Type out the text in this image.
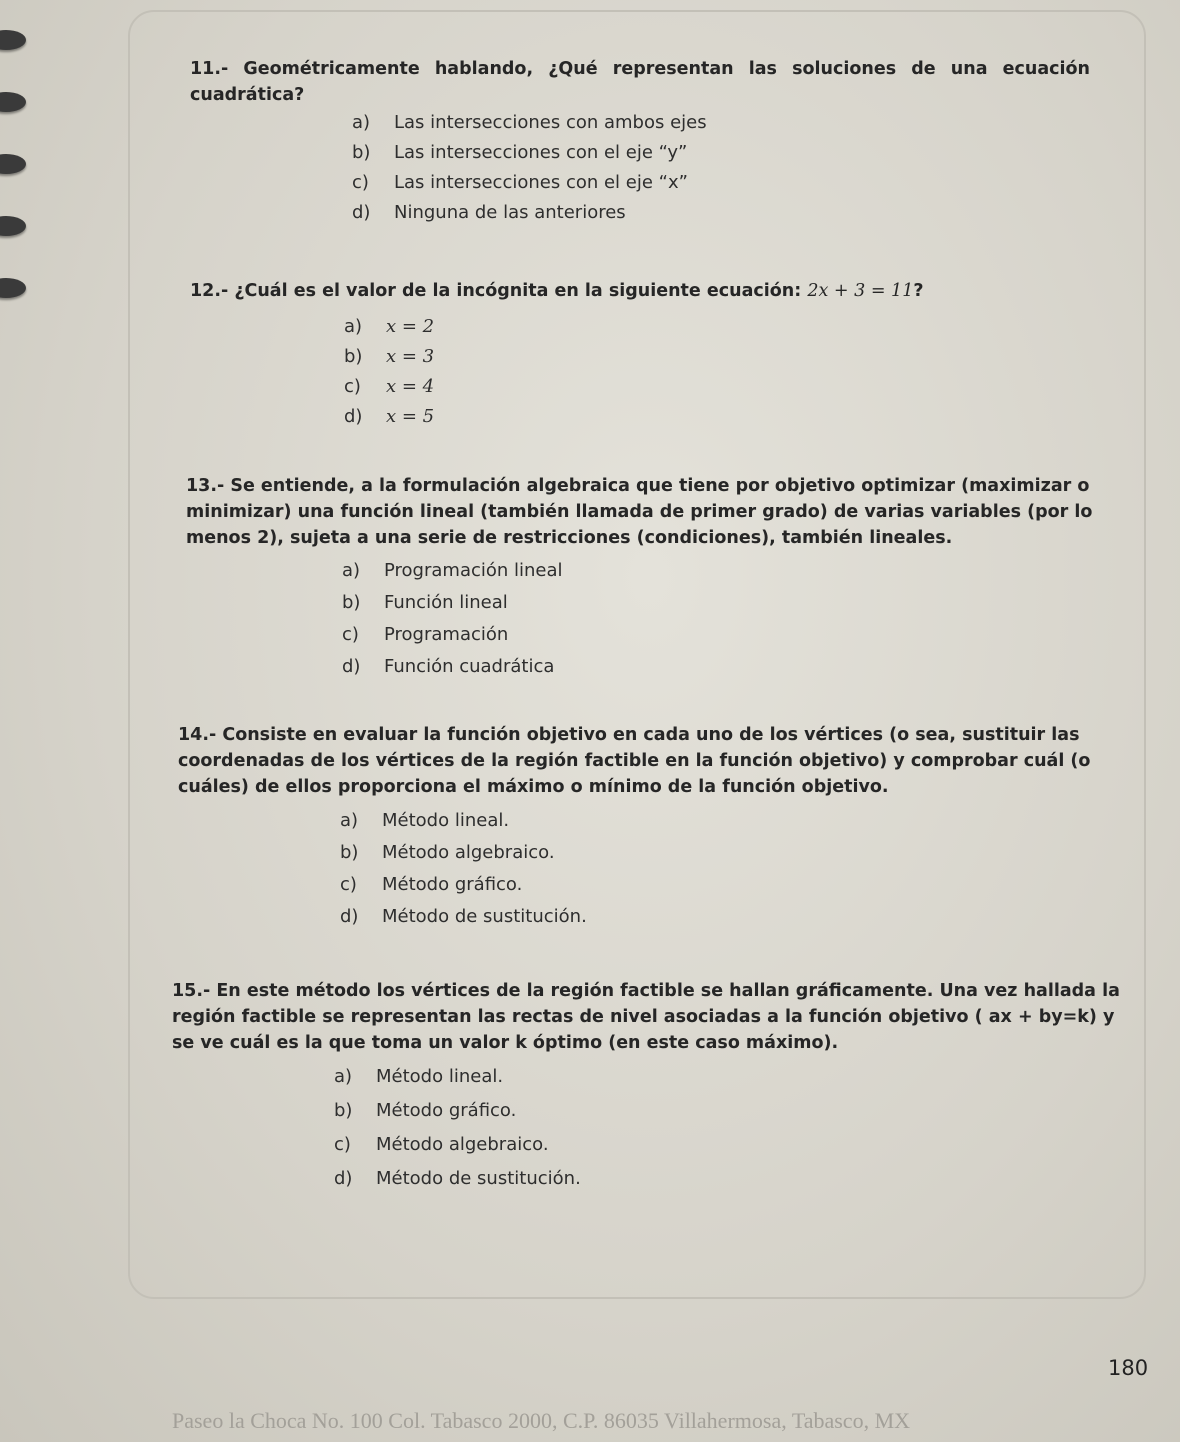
11.- Geométricamente hablando, ¿Qué representan las soluciones de una ecuación cuadrática?
a) Las intersecciones con ambos ejes
b) Las intersecciones con el eje “y”
c) Las intersecciones con el eje “x”
d) Ninguna de las anteriores
12.- ¿Cuál es el valor de la incógnita en la siguiente ecuación: 2x + 3 = 11?
a) x = 2
b) x = 3
c) x = 4
d) x = 5
13.- Se entiende, a la formulación algebraica que tiene por objetivo optimizar (maximizar o minimizar) una función lineal (también llamada de primer grado) de varias variables (por lo menos 2), sujeta a una serie de restricciones (condiciones), también lineales.
a) Programación lineal
b) Función lineal
c) Programación
d) Función cuadrática
14.- Consiste en evaluar la función objetivo en cada uno de los vértices (o sea, sustituir las coordenadas de los vértices de la región factible en la función objetivo) y comprobar cuál (o cuáles) de ellos proporciona el máximo o mínimo de la función objetivo.
a) Método lineal.
b) Método algebraico.
c) Método gráfico.
d) Método de sustitución.
15.- En este método los vértices de la región factible se hallan gráficamente. Una vez hallada la región factible se representan las rectas de nivel asociadas a la función objetivo ( ax + by=k) y se ve cuál es la que toma un valor k óptimo (en este caso máximo).
a) Método lineal.
b) Método gráfico.
c) Método algebraico.
d) Método de sustitución.
180
Paseo la Choca No. 100 Col. Tabasco 2000, C.P. 86035 Villahermosa, Tabasco, MX
